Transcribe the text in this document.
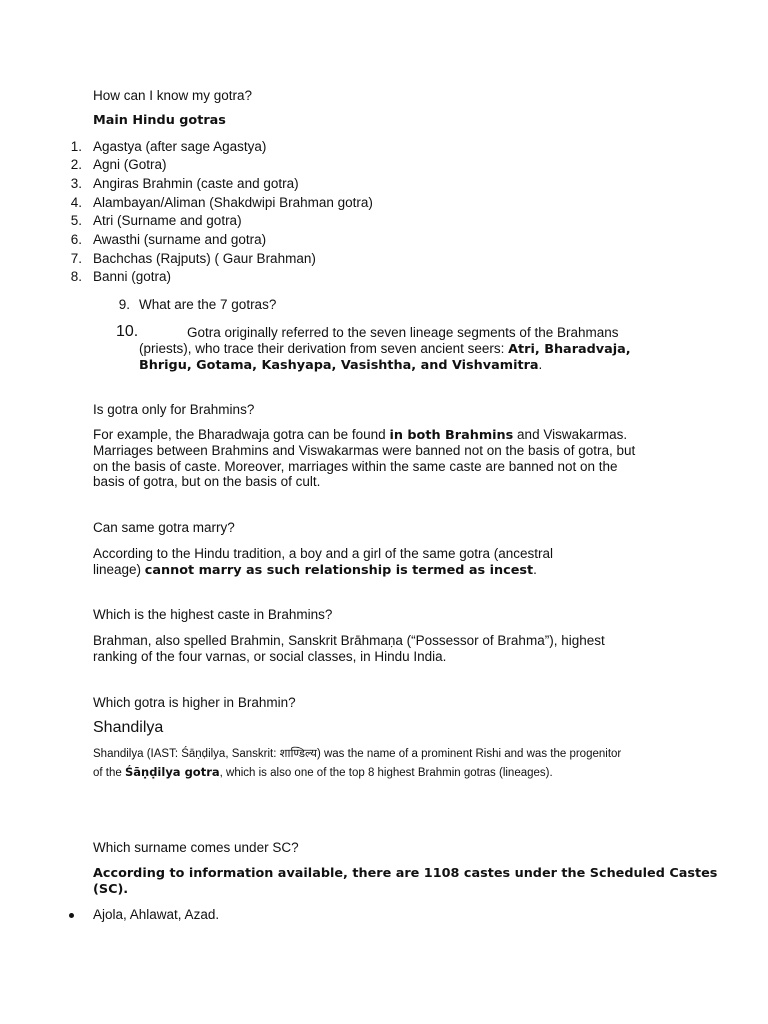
How can I know my gotra?
Main Hindu gotras
1. Agastya (after sage Agastya)
2. Agni (Gotra)
3. Angiras Brahmin (caste and gotra)
4. Alambayan/Aliman (Shakdwipi Brahman gotra)
5. Atri (Surname and gotra)
6. Awasthi (surname and gotra)
7. Bachchas (Rajputs) ( Gaur Brahman)
8. Banni (gotra)
9. What are the 7 gotras?
10.	Gotra originally referred to the seven lineage segments of the Brahmans
(priests), who trace their derivation from seven ancient seers: Atri, Bharadvaja,
Bhrigu, Gotama, Kashyapa, Vasishtha, and Vishvamitra.
Is gotra only for Brahmins?
For example, the Bharadwaja gotra can be found in both Brahmins and Viswakarmas.
Marriages between Brahmins and Viswakarmas were banned not on the basis of gotra, but
on the basis of caste. Moreover, marriages within the same caste are banned not on the
basis of gotra, but on the basis of cult.
Can same gotra marry?
According to the Hindu tradition, a boy and a girl of the same gotra (ancestral
lineage) cannot marry as such relationship is termed as incest.
Which is the highest caste in Brahmins?
Brahman, also spelled Brahmin, Sanskrit Brāhmaṇa (“Possessor of Brahma”), highest
ranking of the four varnas, or social classes, in Hindu India.
Which gotra is higher in Brahmin?
Shandilya
Shandilya (IAST: Śāṇḍilya, Sanskrit: शाण्डिल्य) was the name of a prominent Rishi and was the progenitor
of the Śāṇḍilya gotra, which is also one of the top 8 highest Brahmin gotras (lineages).
Which surname comes under SC?
According to information available, there are 1108 castes under the Scheduled Castes
(SC).
Ajola, Ahlawat, Azad.
